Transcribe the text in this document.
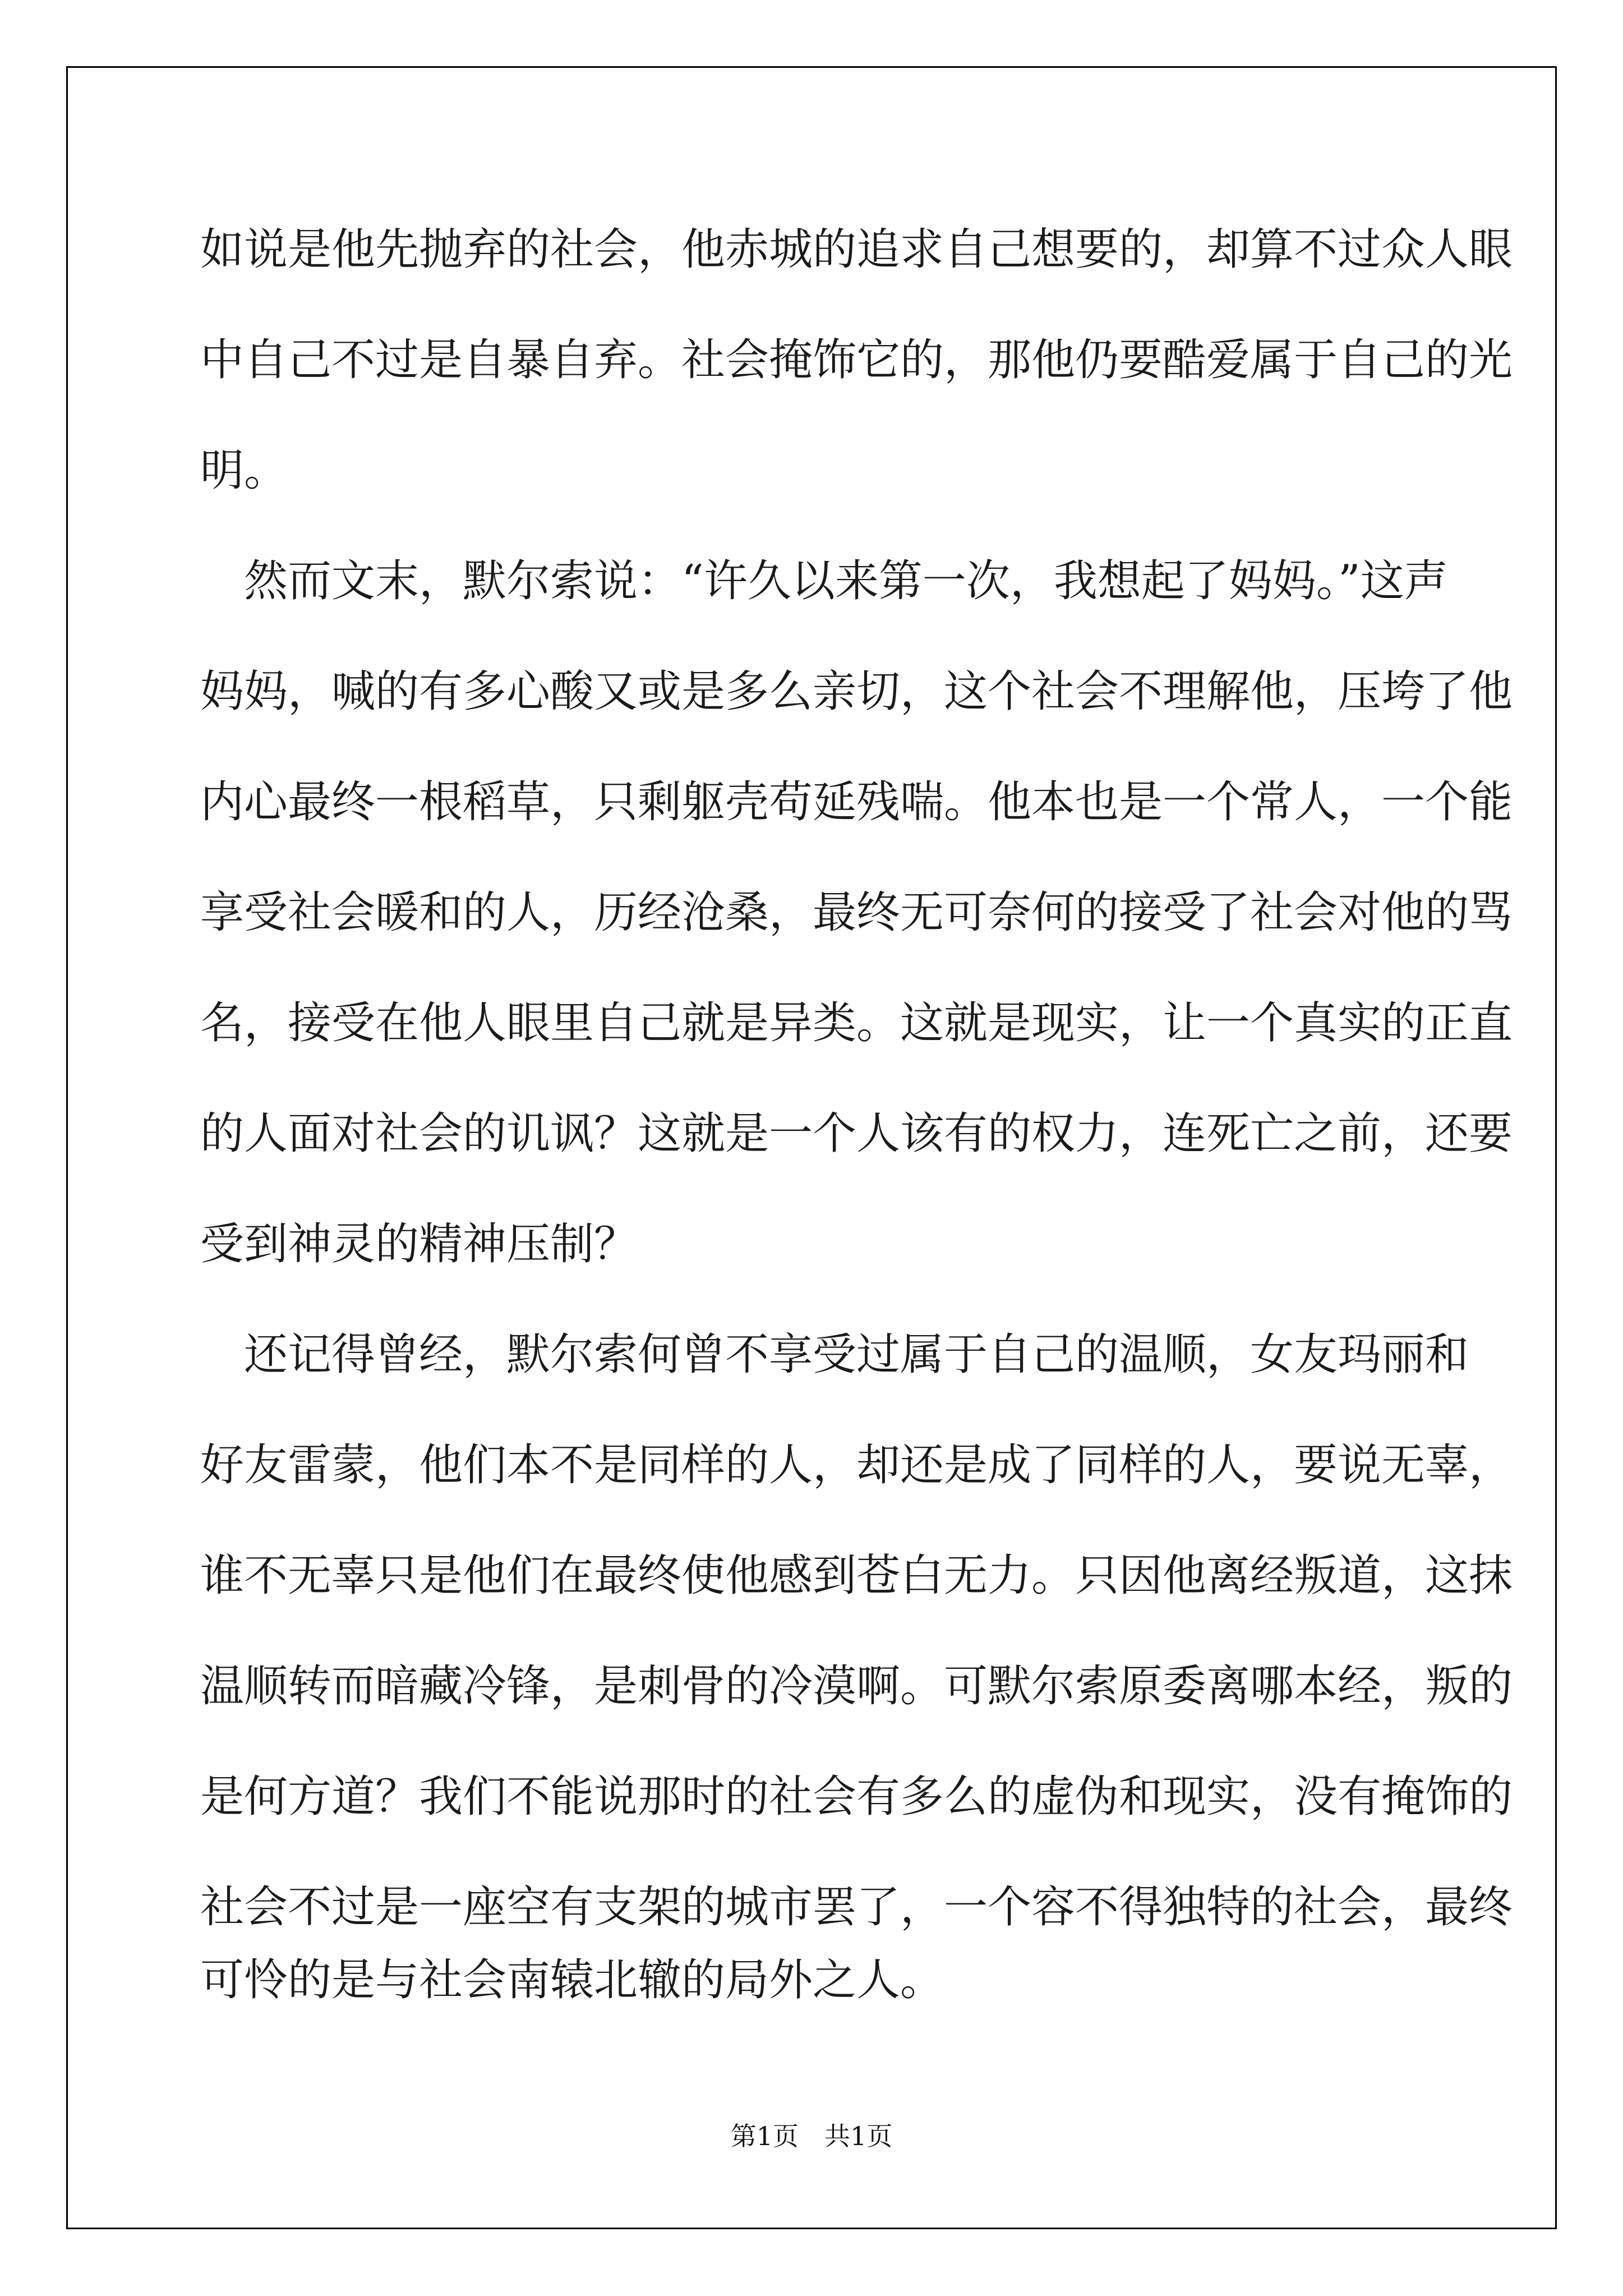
如说是他先抛弃的社会，他赤城的追求自己想要的，却算不过众人眼

中自己不过是自暴自弃。社会掩饰它的，那他仍要酷爱属于自己的光

明。

　然而文末，默尔索说：“许久以来第一次，我想起了妈妈。”这声

妈妈，喊的有多心酸又或是多么亲切，这个社会不理解他，压垮了他

内心最终一根稻草，只剩躯壳苟延残喘。他本也是一个常人，一个能

享受社会暖和的人，历经沧桑，最终无可奈何的接受了社会对他的骂

名，接受在他人眼里自己就是异类。这就是现实，让一个真实的正直

的人面对社会的讥讽？这就是一个人该有的权力，连死亡之前，还要

受到神灵的精神压制？

　还记得曾经，默尔索何曾不享受过属于自己的温顺，女友玛丽和

好友雷蒙，他们本不是同样的人，却还是成了同样的人，要说无辜，

谁不无辜只是他们在最终使他感到苍白无力。只因他离经叛道，这抹

温顺转而暗藏冷锋，是刺骨的冷漠啊。可默尔索原委离哪本经，叛的

是何方道？我们不能说那时的社会有多么的虚伪和现实，没有掩饰的

社会不过是一座空有支架的城市罢了，一个容不得独特的社会，最终

可怜的是与社会南辕北辙的局外之人。

第1页　共1页
